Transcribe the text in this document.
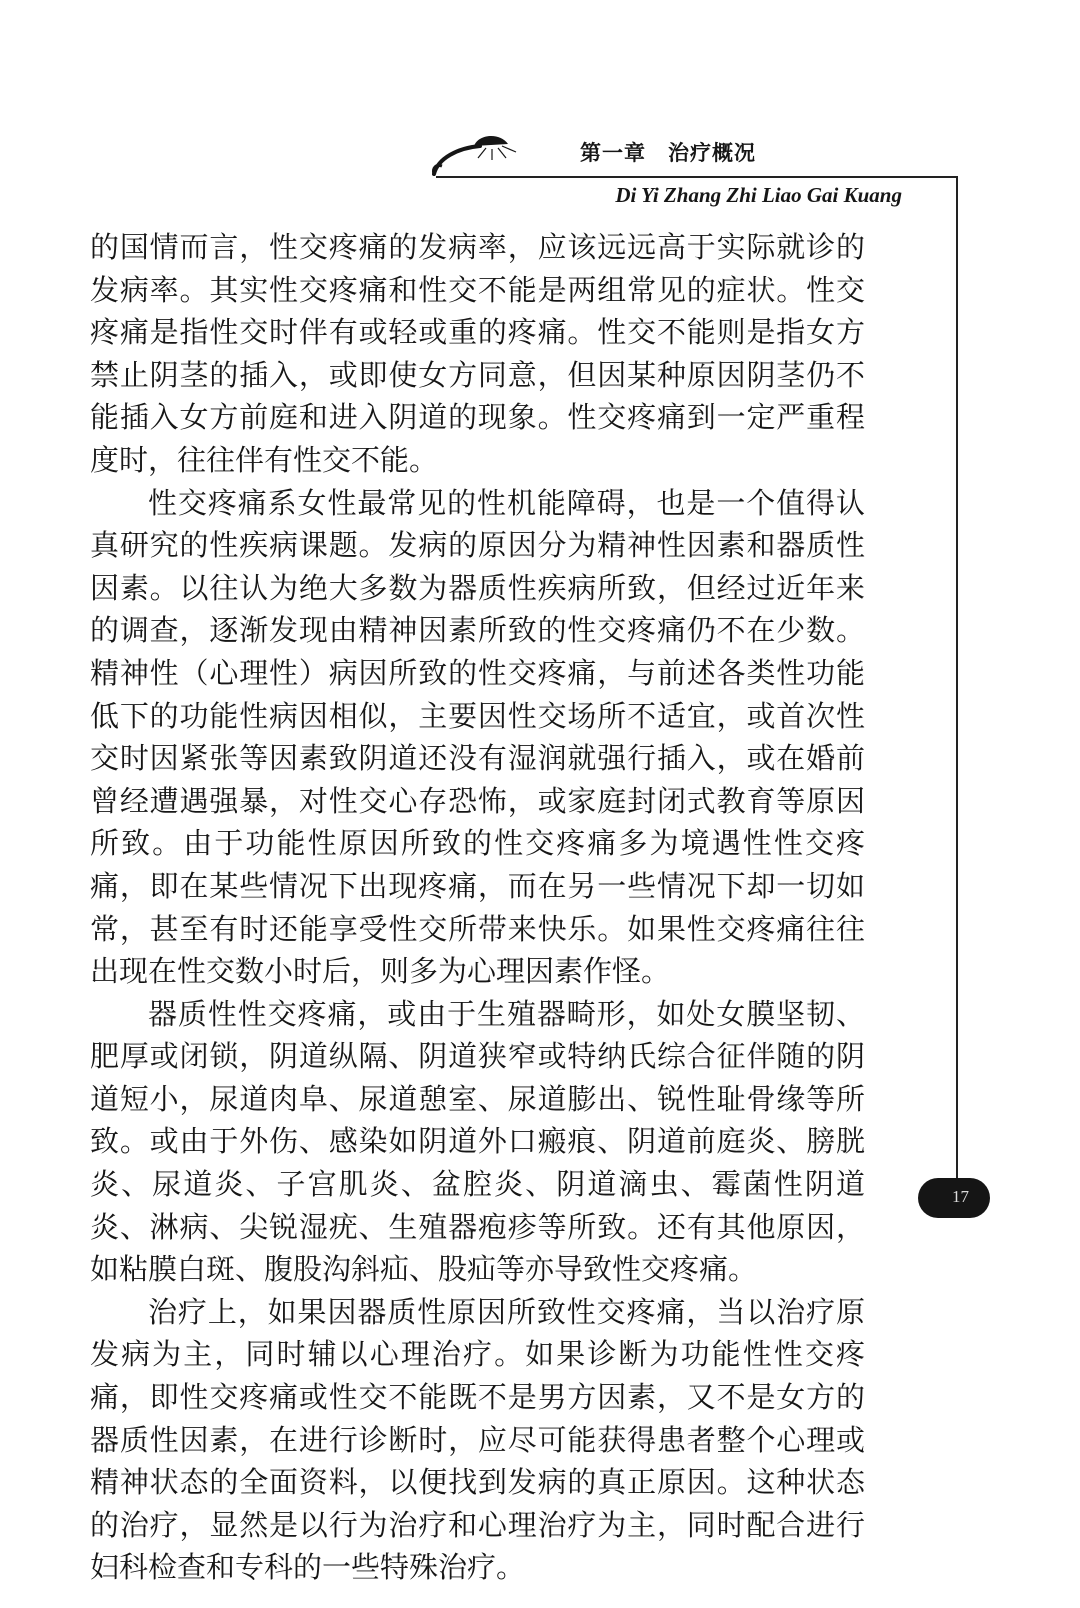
第一章　治疗概况
Di Yi Zhang Zhi Liao Gai Kuang
17

的国情而言，性交疼痛的发病率，应该远远高于实际就诊的发病率。其实性交疼痛和性交不能是两组常见的症状。性交疼痛是指性交时伴有或轻或重的疼痛。性交不能则是指女方禁止阴茎的插入，或即使女方同意，但因某种原因阴茎仍不能插入女方前庭和进入阴道的现象。性交疼痛到一定严重程度时，往往伴有性交不能。

性交疼痛系女性最常见的性机能障碍，也是一个值得认真研究的性疾病课题。发病的原因分为精神性因素和器质性因素。以往认为绝大多数为器质性疾病所致，但经过近年来的调查，逐渐发现由精神因素所致的性交疼痛仍不在少数。精神性（心理性）病因所致的性交疼痛，与前述各类性功能低下的功能性病因相似，主要因性交场所不适宜，或首次性交时因紧张等因素致阴道还没有湿润就强行插入，或在婚前曾经遭遇强暴，对性交心存恐怖，或家庭封闭式教育等原因所致。由于功能性原因所致的性交疼痛多为境遇性性交疼痛，即在某些情况下出现疼痛，而在另一些情况下却一切如常，甚至有时还能享受性交所带来快乐。如果性交疼痛往往出现在性交数小时后，则多为心理因素作怪。

器质性性交疼痛，或由于生殖器畸形，如处女膜坚韧、肥厚或闭锁，阴道纵隔、阴道狭窄或特纳氏综合征伴随的阴道短小，尿道肉阜、尿道憩室、尿道膨出、锐性耻骨缘等所致。或由于外伤、感染如阴道外口瘢痕、阴道前庭炎、膀胱炎、尿道炎、子宫肌炎、盆腔炎、阴道滴虫、霉菌性阴道炎、淋病、尖锐湿疣、生殖器疱疹等所致。还有其他原因，如粘膜白斑、腹股沟斜疝、股疝等亦导致性交疼痛。

治疗上，如果因器质性原因所致性交疼痛，当以治疗原发病为主，同时辅以心理治疗。如果诊断为功能性性交疼痛，即性交疼痛或性交不能既不是男方因素，又不是女方的器质性因素，在进行诊断时，应尽可能获得患者整个心理或精神状态的全面资料，以便找到发病的真正原因。这种状态的治疗，显然是以行为治疗和心理治疗为主，同时配合进行妇科检查和专科的一些特殊治疗。
